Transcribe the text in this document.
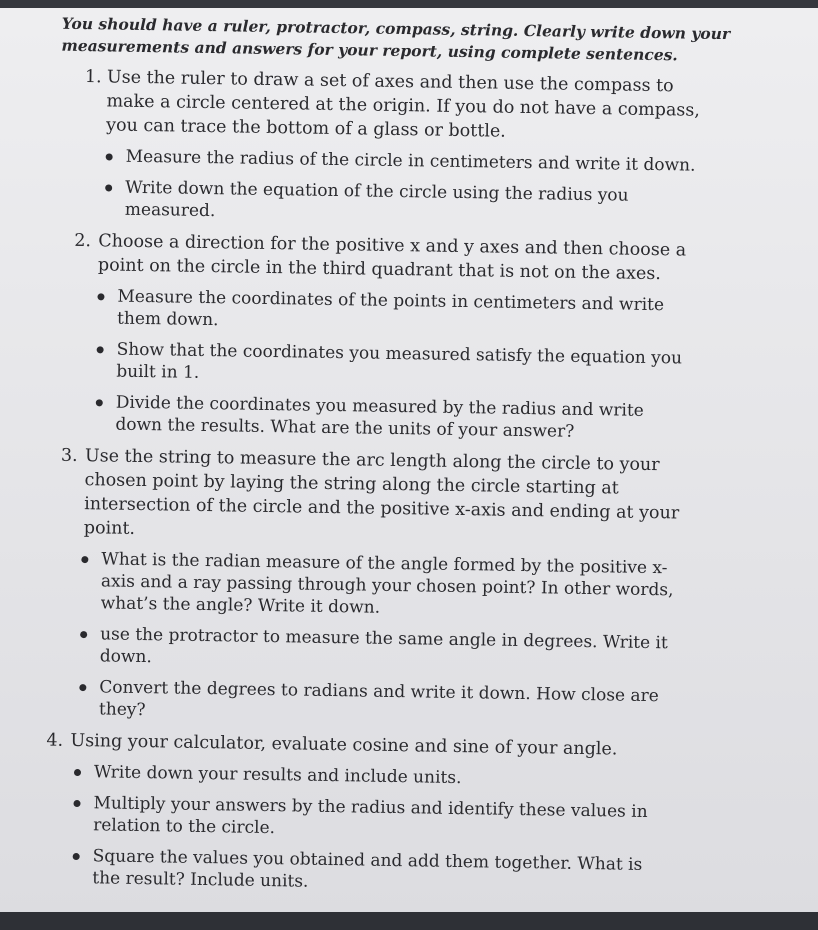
You should have a ruler, protractor, compass, string. Clearly write down your measurements and answers for your report, using complete sentences.
1. Use the ruler to draw a set of axes and then use the compass to make a circle centered at the origin. If you do not have a compass, you can trace the bottom of a glass or bottle.
Measure the radius of the circle in centimeters and write it down.
Write down the equation of the circle using the radius you measured.
2. Choose a direction for the positive x and y axes and then choose a point on the circle in the third quadrant that is not on the axes.
Measure the coordinates of the points in centimeters and write them down.
Show that the coordinates you measured satisfy the equation you built in 1.
Divide the coordinates you measured by the radius and write down the results. What are the units of your answer?
3. Use the string to measure the arc length along the circle to your chosen point by laying the string along the circle starting at intersection of the circle and the positive x-axis and ending at your point.
What is the radian measure of the angle formed by the positive x-axis and a ray passing through your chosen point? In other words, what’s the angle? Write it down.
use the protractor to measure the same angle in degrees. Write it down.
Convert the degrees to radians and write it down. How close are they?
4. Using your calculator, evaluate cosine and sine of your angle.
Write down your results and include units.
Multiply your answers by the radius and identify these values in relation to the circle.
Square the values you obtained and add them together. What is the result? Include units.
